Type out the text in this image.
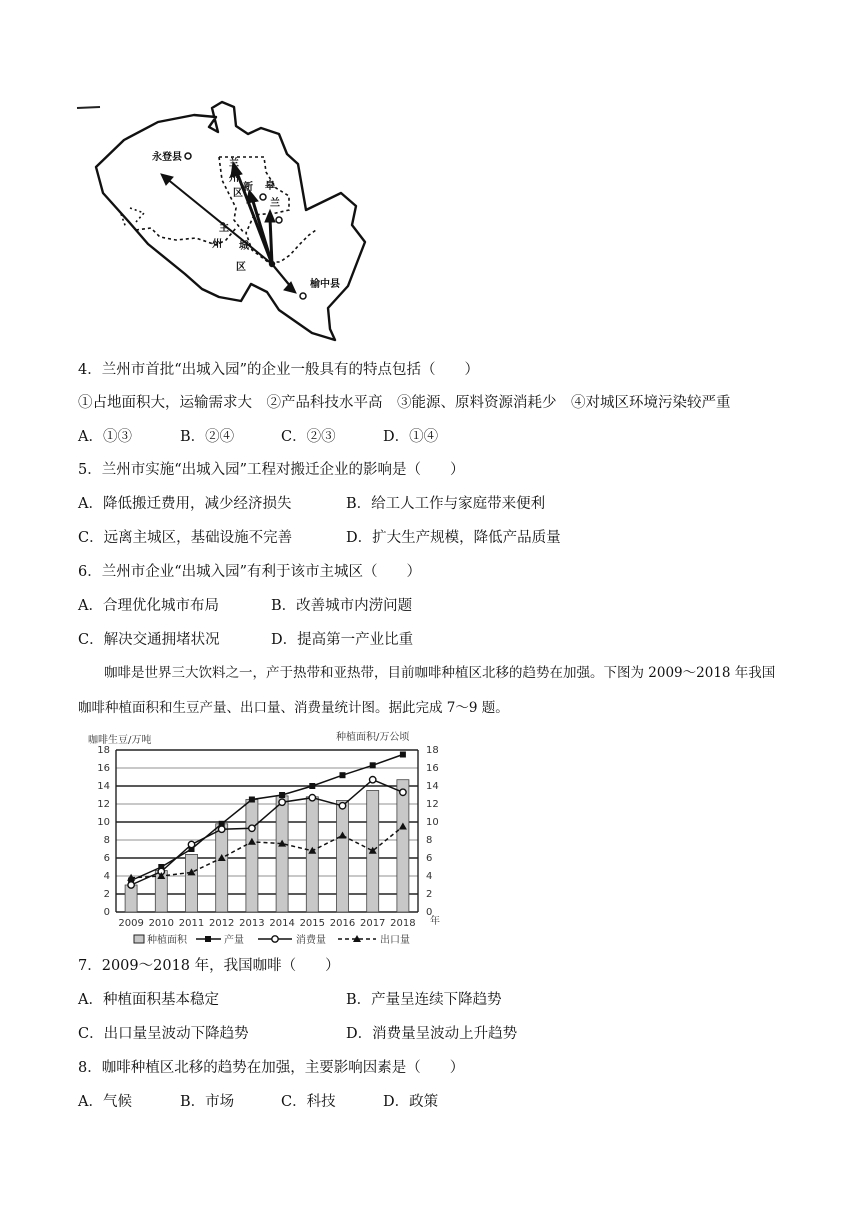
永登县
兰
州
新
区
皋
兰
主
州 城
区
榆中县
4．兰州市首批“出城入园”的企业一般具有的特点包括（　　）
①占地面积大，运输需求大　②产品科技水平高　③能源、原料资源消耗少　④对城区环境污染较严重
A．①③	B．②④	C．②③	D．①④
5．兰州市实施“出城入园”工程对搬迁企业的影响是（　　）
A．降低搬迁费用，减少经济损失	B．给工人工作与家庭带来便利
C．远离主城区，基础设施不完善	D．扩大生产规模，降低产品质量
6．兰州市企业“出城入园”有利于该市主城区（　　）
A．合理优化城市布局	B．改善城市内涝问题
C．解决交通拥堵状况	D．提高第一产业比重
咖啡是世界三大饮料之一，产于热带和亚热带，目前咖啡种植区北移的趋势在加强。下图为 2009～2018 年我国咖啡种植面积和生豆产量、出口量、消费量统计图。据此完成 7～9 题。
咖啡生豆/万吨	种植面积/万公顷
年
0	0
2	2
4	4
6	6
8	8
10	10
12	12
14	14
16	16
18	18
2009 2010 2011 2012 2013 2014 2015 2016 2017 2018
种植面积	产量	消费量	出口量
7．2009～2018 年，我国咖啡（　　）
A．种植面积基本稳定	B．产量呈连续下降趋势
C．出口量呈波动下降趋势	D．消费量呈波动上升趋势
8．咖啡种植区北移的趋势在加强，主要影响因素是（　　）
A．气候	B．市场	C．科技	D．政策
